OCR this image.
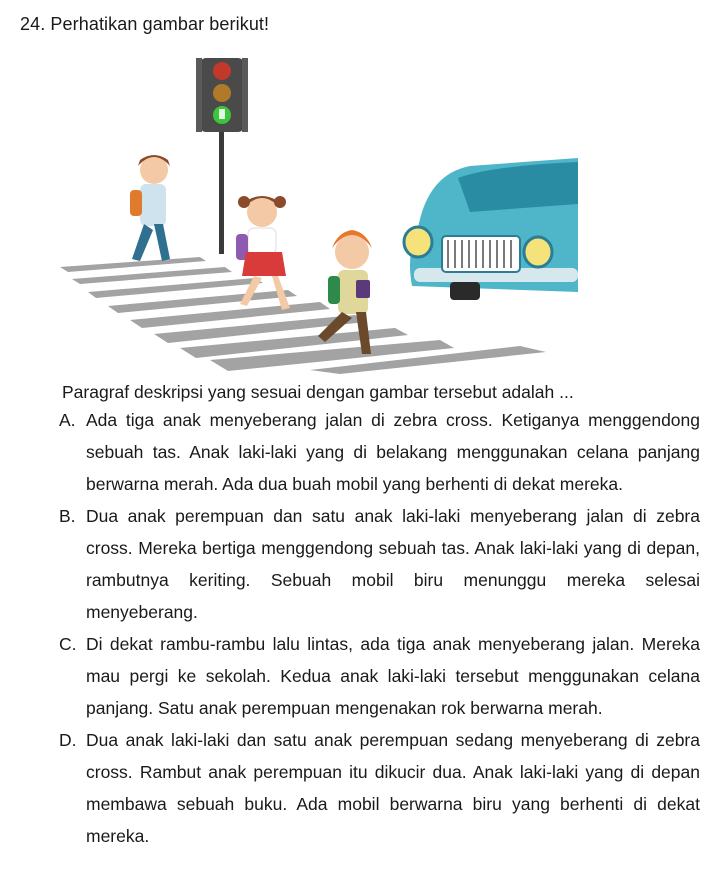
24. Perhatikan gambar berikut!
Paragraf deskripsi yang sesuai dengan gambar tersebut adalah ...
A. Ada tiga anak menyeberang jalan di zebra cross. Ketiganya menggendong sebuah tas. Anak laki-laki yang di belakang menggunakan celana panjang berwarna merah. Ada dua buah mobil yang berhenti di dekat mereka.
B. Dua anak perempuan dan satu anak laki-laki menyeberang jalan di zebra cross. Mereka bertiga menggendong sebuah tas. Anak laki-laki yang di depan, rambutnya keriting. Sebuah mobil biru menunggu mereka selesai menyeberang.
C. Di dekat rambu-rambu lalu lintas, ada tiga anak menyeberang jalan. Mereka mau pergi ke sekolah. Kedua anak laki-laki tersebut menggunakan celana panjang. Satu anak perempuan mengenakan rok berwarna merah.
D. Dua anak laki-laki dan satu anak perempuan sedang menyeberang di zebra cross. Rambut anak perempuan itu dikucir dua. Anak laki-laki yang di depan membawa sebuah buku. Ada mobil berwarna biru yang berhenti di dekat mereka.
